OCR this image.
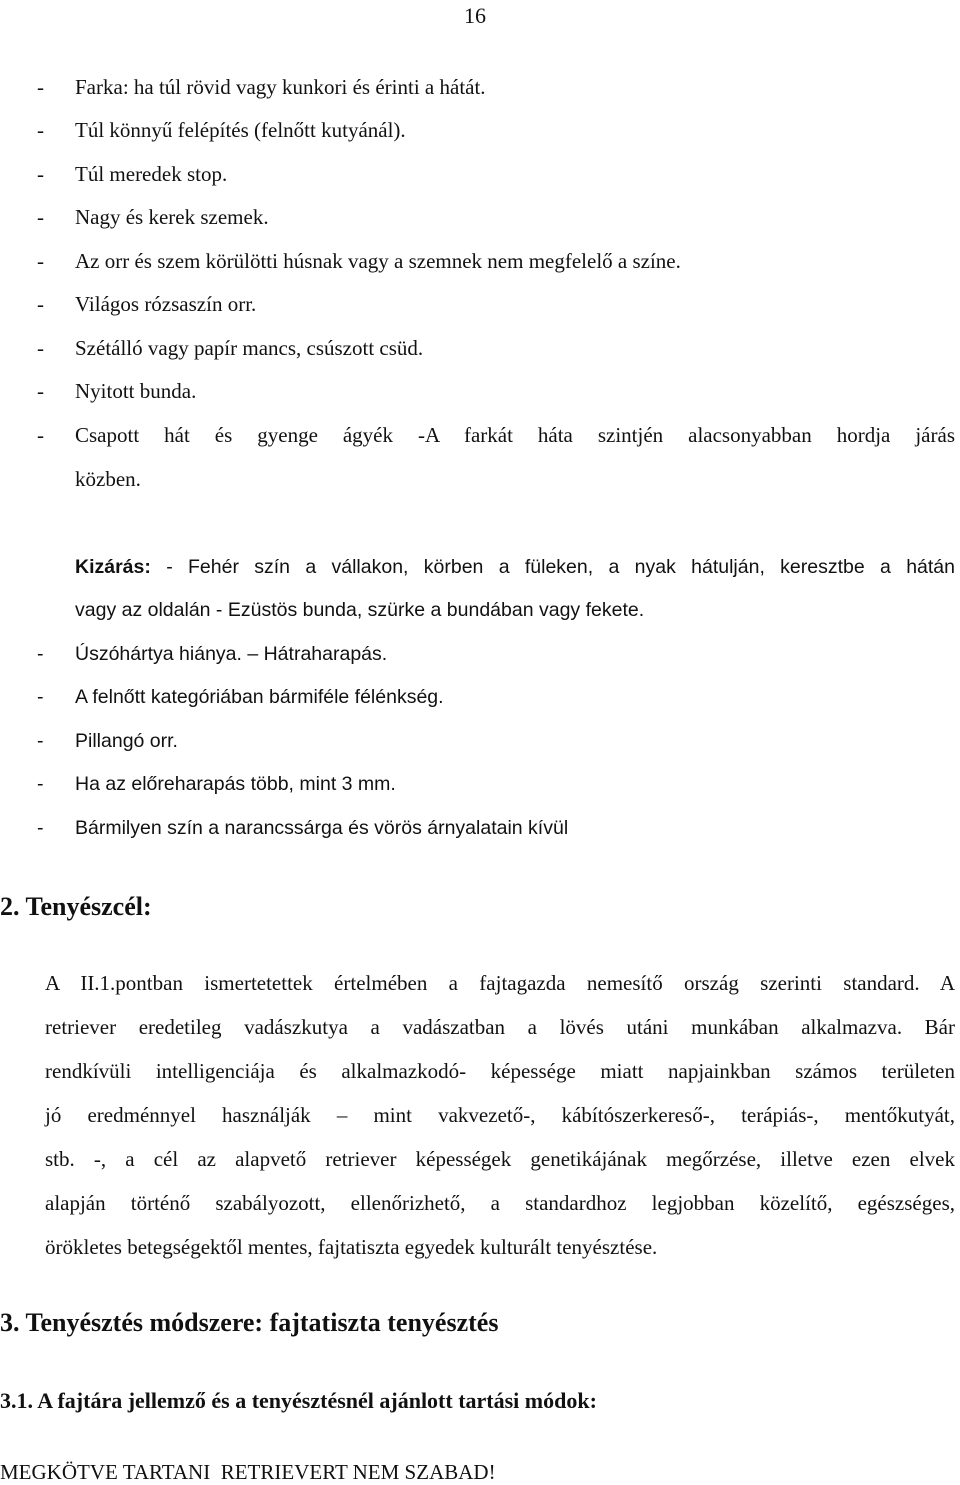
16
- Farka: ha túl rövid vagy kunkori és érinti a hátát.
- Túl könnyű felépítés (felnőtt kutyánál).
- Túl meredek stop.
- Nagy és kerek szemek.
- Az orr és szem körülötti húsnak vagy a szemnek nem megfelelő a színe.
- Világos rózsaszín orr.
- Szétálló vagy papír mancs, csúszott csüd.
- Nyitott bunda.
- Csapott hát és gyenge ágyék -A farkát háta szintjén alacsonyabban hordja járás
közben.
Kizárás: - Fehér szín a vállakon, körben a füleken, a nyak hátulján, keresztbe a hátán
vagy az oldalán - Ezüstös bunda, szürke a bundában vagy fekete.
- Úszóhártya hiánya. – Hátraharapás.
- A felnőtt kategóriában bármiféle félénkség.
- Pillangó orr.
- Ha az előreharapás több, mint 3 mm.
- Bármilyen szín a narancssárga és vörös árnyalatain kívül
2. Tenyészcél:
A II.1.pontban ismertetettek értelmében a fajtagazda nemesítő ország szerinti standard. A
retriever eredetileg vadászkutya a vadászatban a lövés utáni munkában alkalmazva. Bár
rendkívüli intelligenciája és alkalmazkodó- képessége miatt napjainkban számos területen
jó eredménnyel használják – mint vakvezető-, kábítószerkereső-, terápiás-, mentőkutyát,
stb. -, a cél az alapvető retriever képességek genetikájának megőrzése, illetve ezen elvek
alapján történő szabályozott, ellenőrizhető, a standardhoz legjobban közelítő, egészséges,
örökletes betegségektől mentes, fajtatiszta egyedek kulturált tenyésztése.
3. Tenyésztés módszere: fajtatiszta tenyésztés
3.1. A fajtára jellemző és a tenyésztésnél ajánlott tartási módok:
MEGKÖTVE TARTANI  RETRIEVERT NEM SZABAD!
